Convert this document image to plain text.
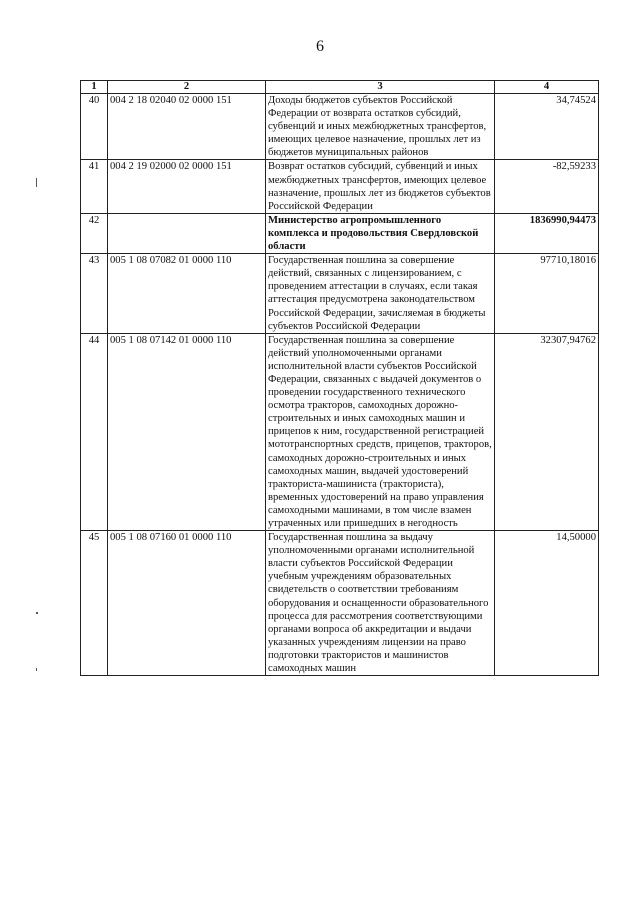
6
1	2	3	4
40	004 2 18 02040 02 0000 151	Доходы бюджетов субъектов Российской Федерации от возврата остатков субсидий, субвенций и иных межбюджетных трансфертов, имеющих целевое назначение, прошлых лет из бюджетов муниципальных районов	34,74524
41	004 2 19 02000 02 0000 151	Возврат остатков субсидий, субвенций и иных межбюджетных трансфертов, имеющих целевое назначение, прошлых лет из бюджетов субъектов Российской Федерации	-82,59233
42		Министерство агропромышленного комплекса и продовольствия Свердловской области	1836990,94473
43	005 1 08 07082 01 0000 110	Государственная пошлина за совершение действий, связанных с лицензированием, с проведением аттестации в случаях, если такая аттестация предусмотрена законодательством Российской Федерации, зачисляемая в бюджеты субъектов Российской Федерации	97710,18016
44	005 1 08 07142 01 0000 110	Государственная пошлина за совершение действий уполномоченными органами исполнительной власти субъектов Российской Федерации, связанных с выдачей документов о проведении государственного технического осмотра тракторов, самоходных дорожно-строительных и иных самоходных машин и прицепов к ним, государственной регистрацией мототранспортных средств, прицепов, тракторов, самоходных дорожно-строительных и иных самоходных машин, выдачей удостоверений тракториста-машиниста (тракториста), временных удостоверений на право управления самоходными машинами, в том числе взамен утраченных или пришедших в негодность	32307,94762
45	005 1 08 07160 01 0000 110	Государственная пошлина за выдачу уполномоченными органами исполнительной власти субъектов Российской Федерации учебным учреждениям образовательных свидетельств о соответствии требованиям оборудования и оснащенности образовательного процесса для рассмотрения соответствующими органами вопроса об аккредитации и выдачи указанных учреждениям лицензии на право подготовки трактористов и машинистов самоходных машин	14,50000
